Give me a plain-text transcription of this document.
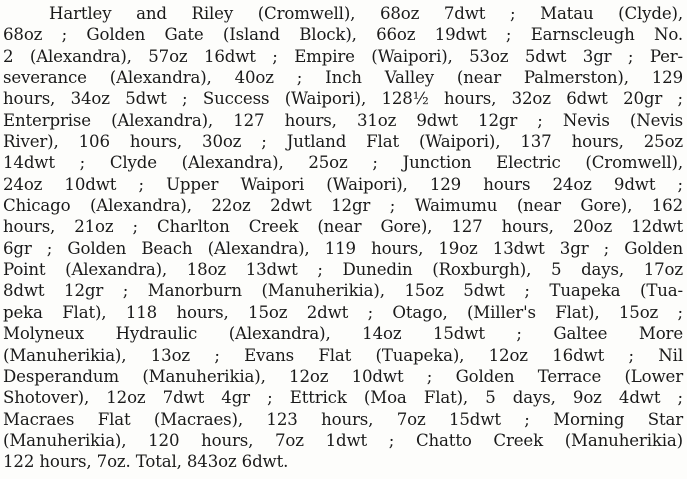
Hartley and Riley (Cromwell), 68oz 7dwt ; Matau (Clyde),
68oz ; Golden Gate (Island Block), 66oz 19dwt ; Earnscleugh No.
2 (Alexandra), 57oz 16dwt ; Empire (Waipori), 53oz 5dwt 3gr ; Per-
severance (Alexandra), 40oz ; Inch Valley (near Palmerston), 129
hours, 34oz 5dwt ; Success (Waipori), 128½ hours, 32oz 6dwt 20gr ;
Enterprise (Alexandra), 127 hours, 31oz 9dwt 12gr ; Nevis (Nevis
River), 106 hours, 30oz ; Jutland Flat (Waipori), 137 hours, 25oz
14dwt ; Clyde (Alexandra), 25oz ; Junction Electric (Cromwell),
24oz 10dwt ; Upper Waipori (Waipori), 129 hours 24oz 9dwt ;
Chicago (Alexandra), 22oz 2dwt 12gr ; Waimumu (near Gore), 162
hours, 21oz ; Charlton Creek (near Gore), 127 hours, 20oz 12dwt
6gr ; Golden Beach (Alexandra), 119 hours, 19oz 13dwt 3gr ; Golden
Point (Alexandra), 18oz 13dwt ; Dunedin (Roxburgh), 5 days, 17oz
8dwt 12gr ; Manorburn (Manuherikia), 15oz 5dwt ; Tuapeka (Tua-
peka Flat), 118 hours, 15oz 2dwt ; Otago, (Miller's Flat), 15oz ;
Molyneux Hydraulic (Alexandra), 14oz 15dwt ; Galtee More
(Manuherikia), 13oz ; Evans Flat (Tuapeka), 12oz 16dwt ; Nil
Desperandum (Manuherikia), 12oz 10dwt ; Golden Terrace (Lower
Shotover), 12oz 7dwt 4gr ; Ettrick (Moa Flat), 5 days, 9oz 4dwt ;
Macraes Flat (Macraes), 123 hours, 7oz 15dwt ; Morning Star
(Manuherikia), 120 hours, 7oz 1dwt ; Chatto Creek (Manuherikia)
122 hours, 7oz. Total, 843oz 6dwt.
